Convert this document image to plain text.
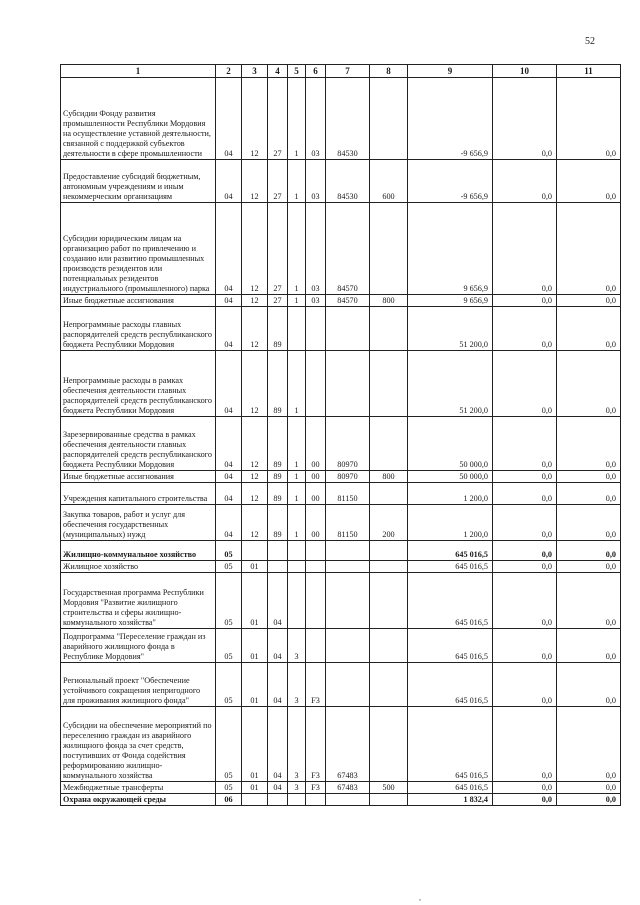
52
1	2	3	4	5	6	7	8	9	10	11
Субсидии Фонду развития промышленности Республики Мордовия на осуществление уставной деятельности, связанной с поддержкой субъектов деятельности в сфере промышленности	04	12	27	1	03	84530		-9 656,9	0,0	0,0
Предоставление субсидий бюджетным, автономным учреждениям и иным некоммерческим организациям	04	12	27	1	03	84530	600	-9 656,9	0,0	0,0
Субсидии юридическим лицам на организацию работ по привлечению и созданию или развитию промышленных производств резидентов или потенциальных резидентов индустриального (промышленного) парка	04	12	27	1	03	84570		9 656,9	0,0	0,0
Иные бюджетные ассигнования	04	12	27	1	03	84570	800	9 656,9	0,0	0,0
Непрограммные расходы главных распорядителей средств республиканского бюджета Республики Мордовия	04	12	89					51 200,0	0,0	0,0
Непрограммные расходы в рамках обеспечения деятельности главных распорядителей средств республиканского бюджета Республики Мордовия	04	12	89	1				51 200,0	0,0	0,0
Зарезервированные средства в рамках обеспечения деятельности главных распорядителей средств республиканского бюджета Республики Мордовия	04	12	89	1	00	80970		50 000,0	0,0	0,0
Иные бюджетные ассигнования	04	12	89	1	00	80970	800	50 000,0	0,0	0,0
Учреждения капитального строительства	04	12	89	1	00	81150		1 200,0	0,0	0,0
Закупка товаров, работ и услуг для обеспечения государственных (муниципальных) нужд	04	12	89	1	00	81150	200	1 200,0	0,0	0,0
Жилищно-коммунальное хозяйство	05							645 016,5	0,0	0,0
Жилищное хозяйство	05	01						645 016,5	0,0	0,0
Государственная программа Республики Мордовия "Развитие жилищного строительства и сферы жилищно-коммунального хозяйства"	05	01	04					645 016,5	0,0	0,0
Подпрограмма "Переселение граждан из аварийного жилищного фонда в Республике Мордовия"	05	01	04	3				645 016,5	0,0	0,0
Региональный проект "Обеспечение устойчивого сокращения непригодного для проживания жилищного фонда"	05	01	04	3	F3			645 016,5	0,0	0,0
Субсидии на обеспечение мероприятий по переселению граждан из аварийного жилищного фонда за счет средств, поступивших от Фонда содействия реформированию жилищно-коммунального хозяйства	05	01	04	3	F3	67483		645 016,5	0,0	0,0
Межбюджетные трансферты	05	01	04	3	F3	67483	500	645 016,5	0,0	0,0
Охрана окружающей среды	06							1 832,4	0,0	0,0
,
